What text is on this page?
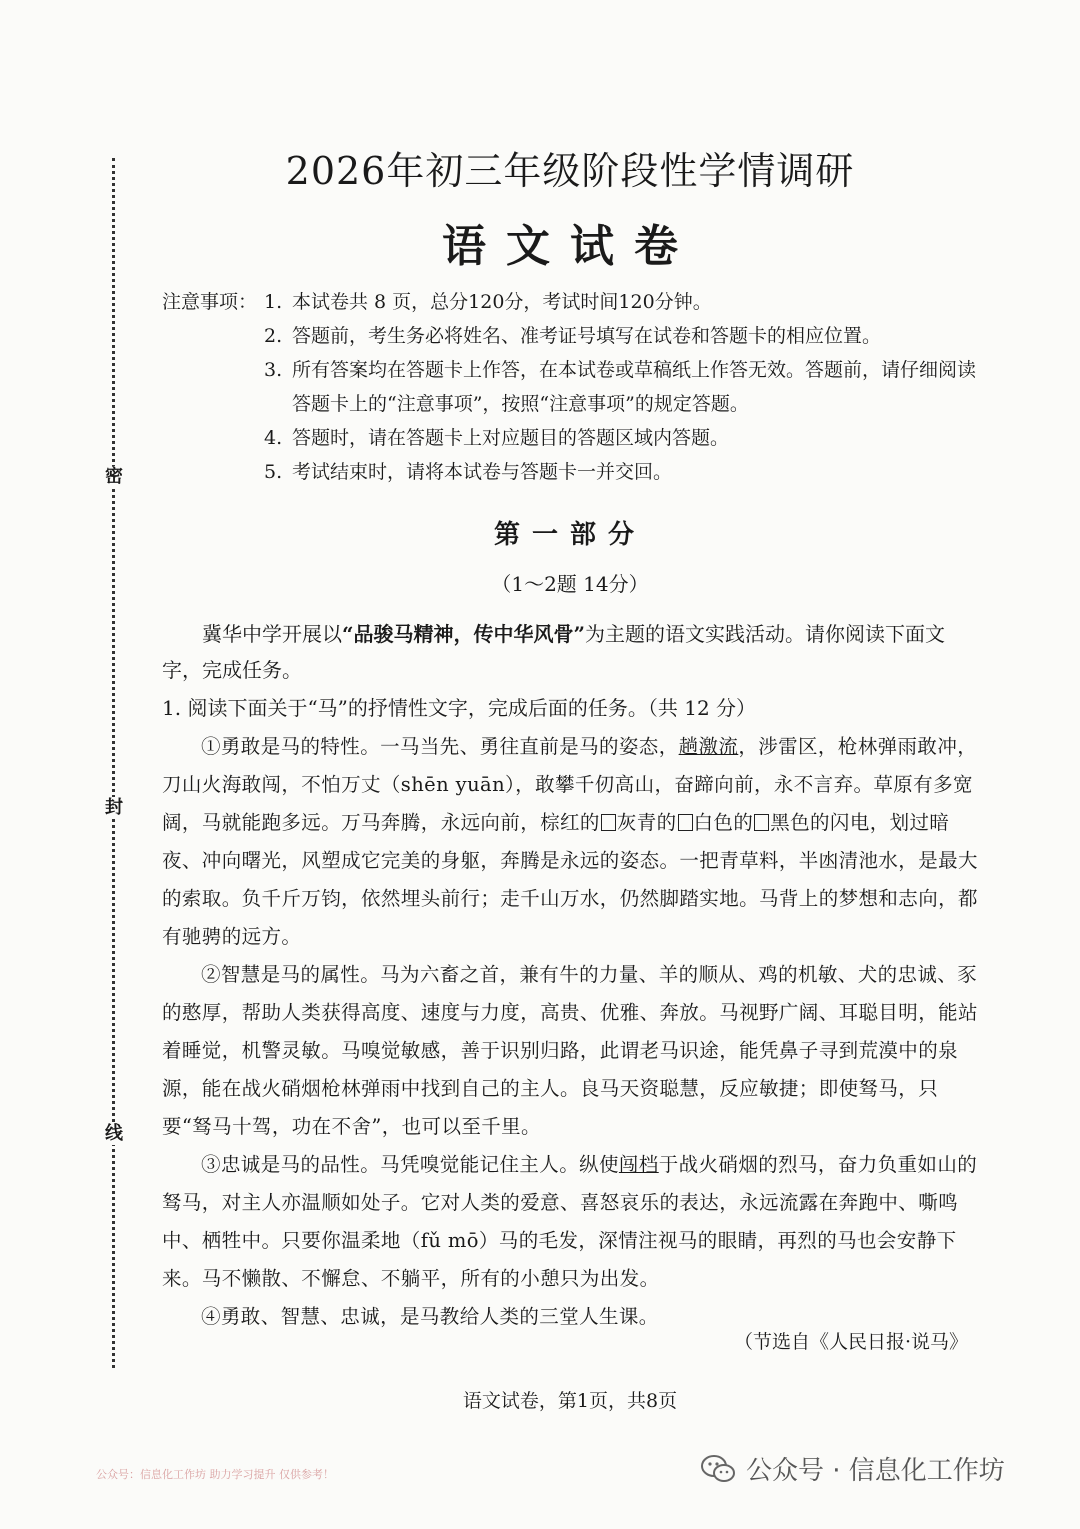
密
封
线
2026年初三年级阶段性学情调研
语文试卷
注意事项： 1. 本试卷共 8 页，总分120分，考试时间120分钟。
2. 答题前，考生务必将姓名、准考证号填写在试卷和答题卡的相应位置。
3. 所有答案均在答题卡上作答，在本试卷或草稿纸上作答无效。答题前，请仔细阅读答题卡上的“注意事项”，按照“注意事项”的规定答题。
4. 答题时，请在答题卡上对应题目的答题区域内答题。
5. 考试结束时，请将本试卷与答题卡一并交回。
第一部分
（1～2题 14分）
冀华中学开展以“品骏马精神，传中华风骨”为主题的语文实践活动。请你阅读下面文字，完成任务。
1. 阅读下面关于“马”的抒情性文字，完成后面的任务。（共 12 分）

①勇敢是马的特性。一马当先、勇往直前是马的姿态，趟激流，涉雷区，枪林弹雨敢冲，刀山火海敢闯，不怕万丈（shēn yuān），敢攀千仞高山，奋蹄向前，永不言弃。草原有多宽阔，马就能跑多远。万马奔腾，永远向前，棕红的 灰青的 白色的 黑色的闪电，划过暗夜、冲向曙光，风塑成它完美的身躯，奔腾是永远的姿态。一把青草料，半凼清池水，是最大的索取。负千斤万钧，依然埋头前行；走千山万水，仍然脚踏实地。马背上的梦想和志向，都有驰骋的远方。

②智慧是马的属性。马为六畜之首，兼有牛的力量、羊的顺从、鸡的机敏、犬的忠诚、豕的憨厚，帮助人类获得高度、速度与力度，高贵、优雅、奔放。马视野广阔、耳聪目明，能站着睡觉，机警灵敏。马嗅觉敏感，善于识别归路，此谓老马识途，能凭鼻子寻到荒漠中的泉源，能在战火硝烟枪林弹雨中找到自己的主人。良马天资聪慧，反应敏捷；即使驽马，只要“驽马十驾，功在不舍”，也可以至千里。

③忠诚是马的品性。马凭嗅觉能记住主人。纵使闯档于战火硝烟的烈马，奋力负重如山的驽马，对主人亦温顺如处子。它对人类的爱意、喜怒哀乐的表达，永远流露在奔跑中、嘶鸣中、栖牲中。只要你温柔地（fǔ mō）马的毛发，深情注视马的眼睛，再烈的马也会安静下来。马不懒散、不懈怠、不躺平，所有的小憩只为出发。

④勇敢、智慧、忠诚，是马教给人类的三堂人生课。

（节选自《人民日报·说马》
语文试卷，第1页，共8页
公众号：信息化工作坊 助力学习提升 仅供参考！	公众号 · 信息化工作坊
